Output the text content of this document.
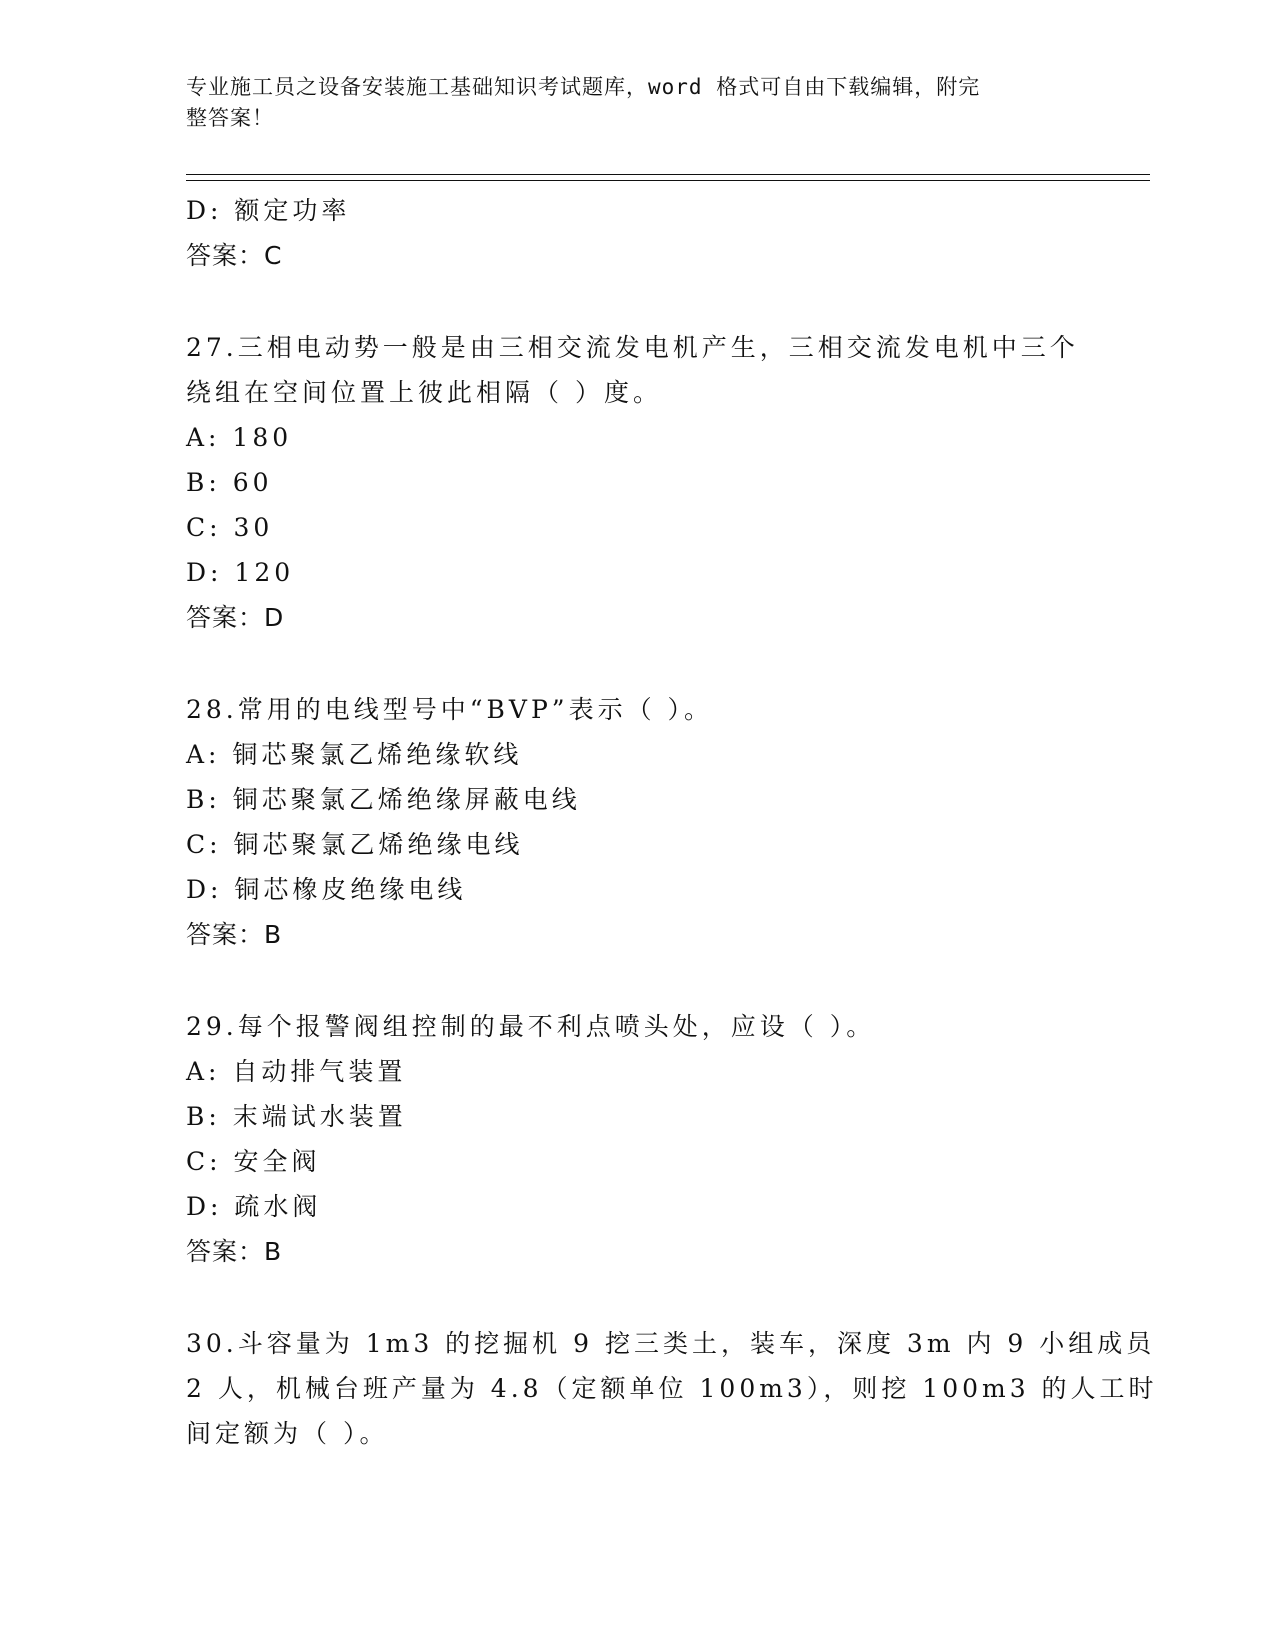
专业施工员之设备安装施工基础知识考试题库，word 格式可自由下载编辑，附完
整答案！
D: 额定功率
答案：C
27.三相电动势一般是由三相交流发电机产生，三相交流发电机中三个
绕组在空间位置上彼此相隔（ ）度。
A: 180
B: 60
C: 30
D: 120
答案：D
28.常用的电线型号中“BVP”表示（ ）。
A: 铜芯聚氯乙烯绝缘软线
B: 铜芯聚氯乙烯绝缘屏蔽电线
C: 铜芯聚氯乙烯绝缘电线
D: 铜芯橡皮绝缘电线
答案：B
29.每个报警阀组控制的最不利点喷头处，应设（ ）。
A: 自动排气装置
B: 末端试水装置
C: 安全阀
D: 疏水阀
答案：B
30.斗容量为 1m3 的挖掘机 9 挖三类土，装车，深度 3m 内 9 小组成员
2 人，机械台班产量为 4.8（定额单位 100m3），则挖 100m3 的人工时
间定额为（ ）。
